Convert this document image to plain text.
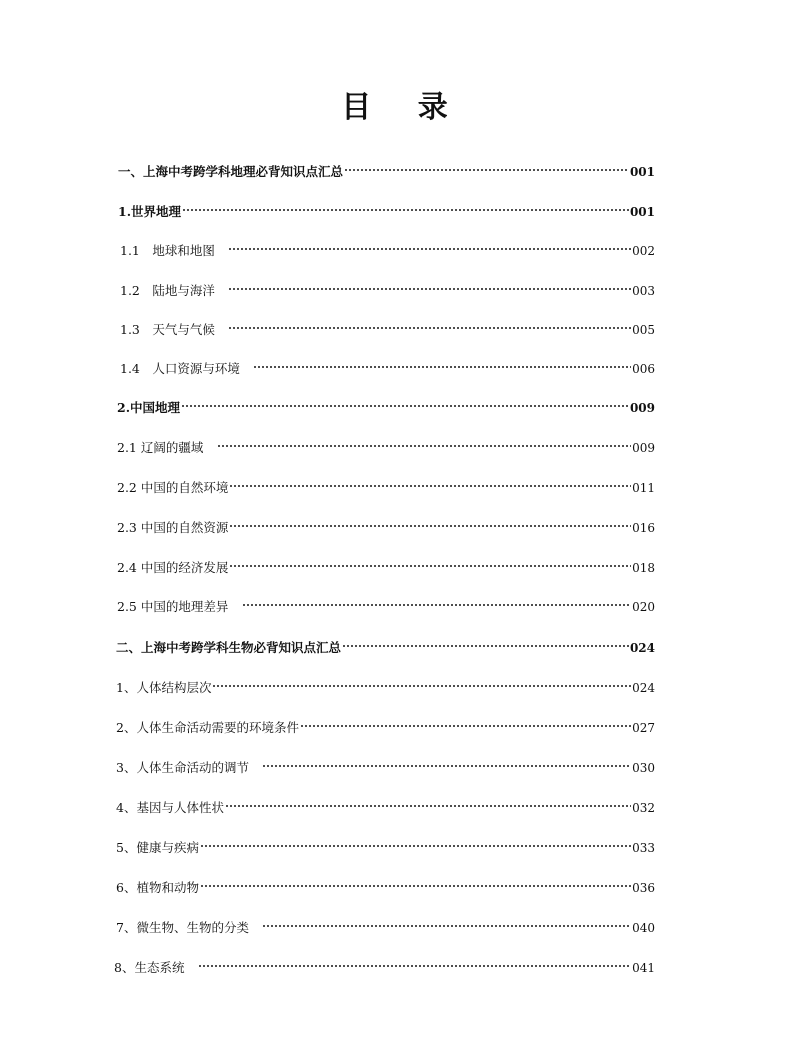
目 录
一、上海中考跨学科地理必背知识点汇总	001
1.世界地理	001
1.1　地球和地图　	002
1.2　陆地与海洋　	003
1.3　天气与气候　	005
1.4　人口资源与环境　	006
2.中国地理	009
2.1 辽阔的疆域　	009
2.2 中国的自然环境	011
2.3 中国的自然资源	016
2.4 中国的经济发展	018
2.5 中国的地理差异　	020
二、上海中考跨学科生物必背知识点汇总	024
1、人体结构层次	024
2、人体生命活动需要的环境条件	027
3、人体生命活动的调节　	030
4、基因与人体性状	032
5、健康与疾病	033
6、植物和动物	036
7、微生物、生物的分类　	040
8、生态系统　	041
